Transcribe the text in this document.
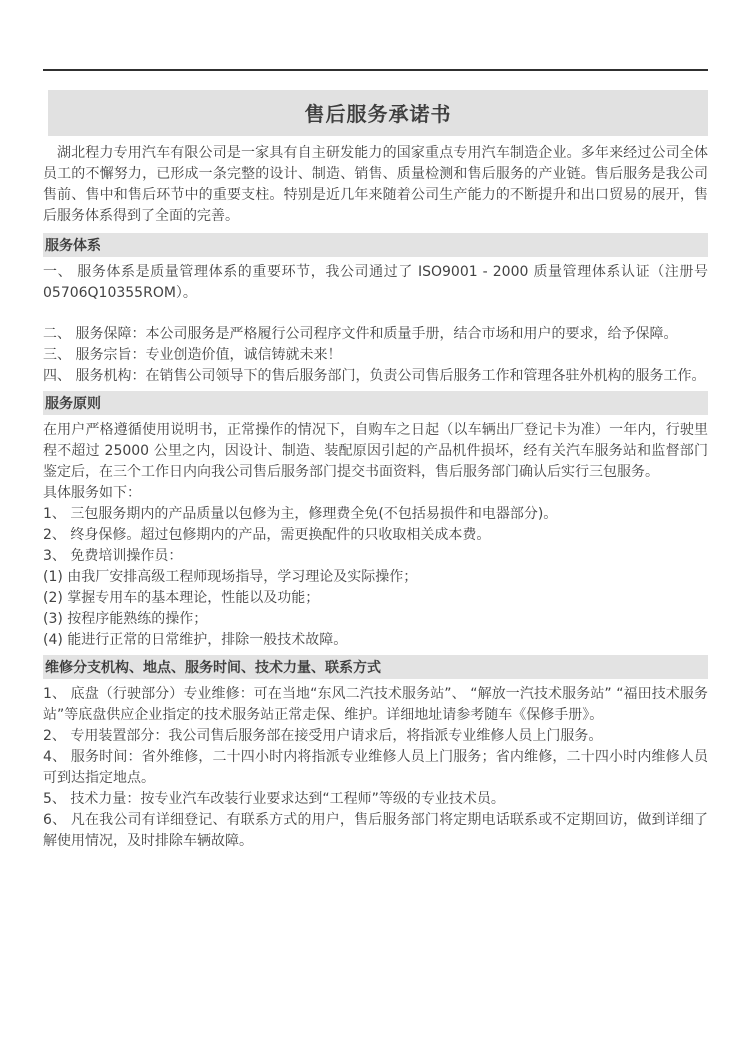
售后服务承诺书

湖北程力专用汽车有限公司是一家具有自主研发能力的国家重点专用汽车制造企业。多年来经过公司全体员工的不懈努力，已形成一条完整的设计、制造、销售、质量检测和售后服务的产业链。售后服务是我公司售前、售中和售后环节中的重要支柱。特别是近几年来随着公司生产能力的不断提升和出口贸易的展开，售后服务体系得到了全面的完善。

服务体系

一、 服务体系是质量管理体系的重要环节，我公司通过了 ISO9001 - 2000 质量管理体系认证（注册号 05706Q10355ROM）。

二、 服务保障：本公司服务是严格履行公司程序文件和质量手册，结合市场和用户的要求，给予保障。

三、 服务宗旨：专业创造价值，诚信铸就未来！

四、 服务机构：在销售公司领导下的售后服务部门，负责公司售后服务工作和管理各驻外机构的服务工作。

服务原则

在用户严格遵循使用说明书，正常操作的情况下，自购车之日起（以车辆出厂登记卡为准）一年内，行驶里程不超过 25000 公里之内，因设计、制造、装配原因引起的产品机件损坏，经有关汽车服务站和监督部门鉴定后，在三个工作日内向我公司售后服务部门提交书面资料，售后服务部门确认后实行三包服务。

具体服务如下：

1、 三包服务期内的产品质量以包修为主，修理费全免(不包括易损件和电器部分)。

2、 终身保修。超过包修期内的产品，需更换配件的只收取相关成本费。

3、 免费培训操作员：

(1) 由我厂安排高级工程师现场指导，学习理论及实际操作；

(2) 掌握专用车的基本理论，性能以及功能；

(3) 按程序能熟练的操作；

(4) 能进行正常的日常维护，排除一般技术故障。

维修分支机构、地点、服务时间、技术力量、联系方式

1、 底盘（行驶部分）专业维修：可在当地“东风二汽技术服务站”、 “解放一汽技术服务站” “福田技术服务站”等底盘供应企业指定的技术服务站正常走保、维护。详细地址请参考随车《保修手册》。

2、 专用装置部分：我公司售后服务部在接受用户请求后，将指派专业维修人员上门服务。

4、 服务时间：省外维修，二十四小时内将指派专业维修人员上门服务；省内维修，二十四小时内维修人员可到达指定地点。

5、 技术力量：按专业汽车改装行业要求达到“工程师”等级的专业技术员。

6、 凡在我公司有详细登记、有联系方式的用户，售后服务部门将定期电话联系或不定期回访，做到详细了解使用情况，及时排除车辆故障。
